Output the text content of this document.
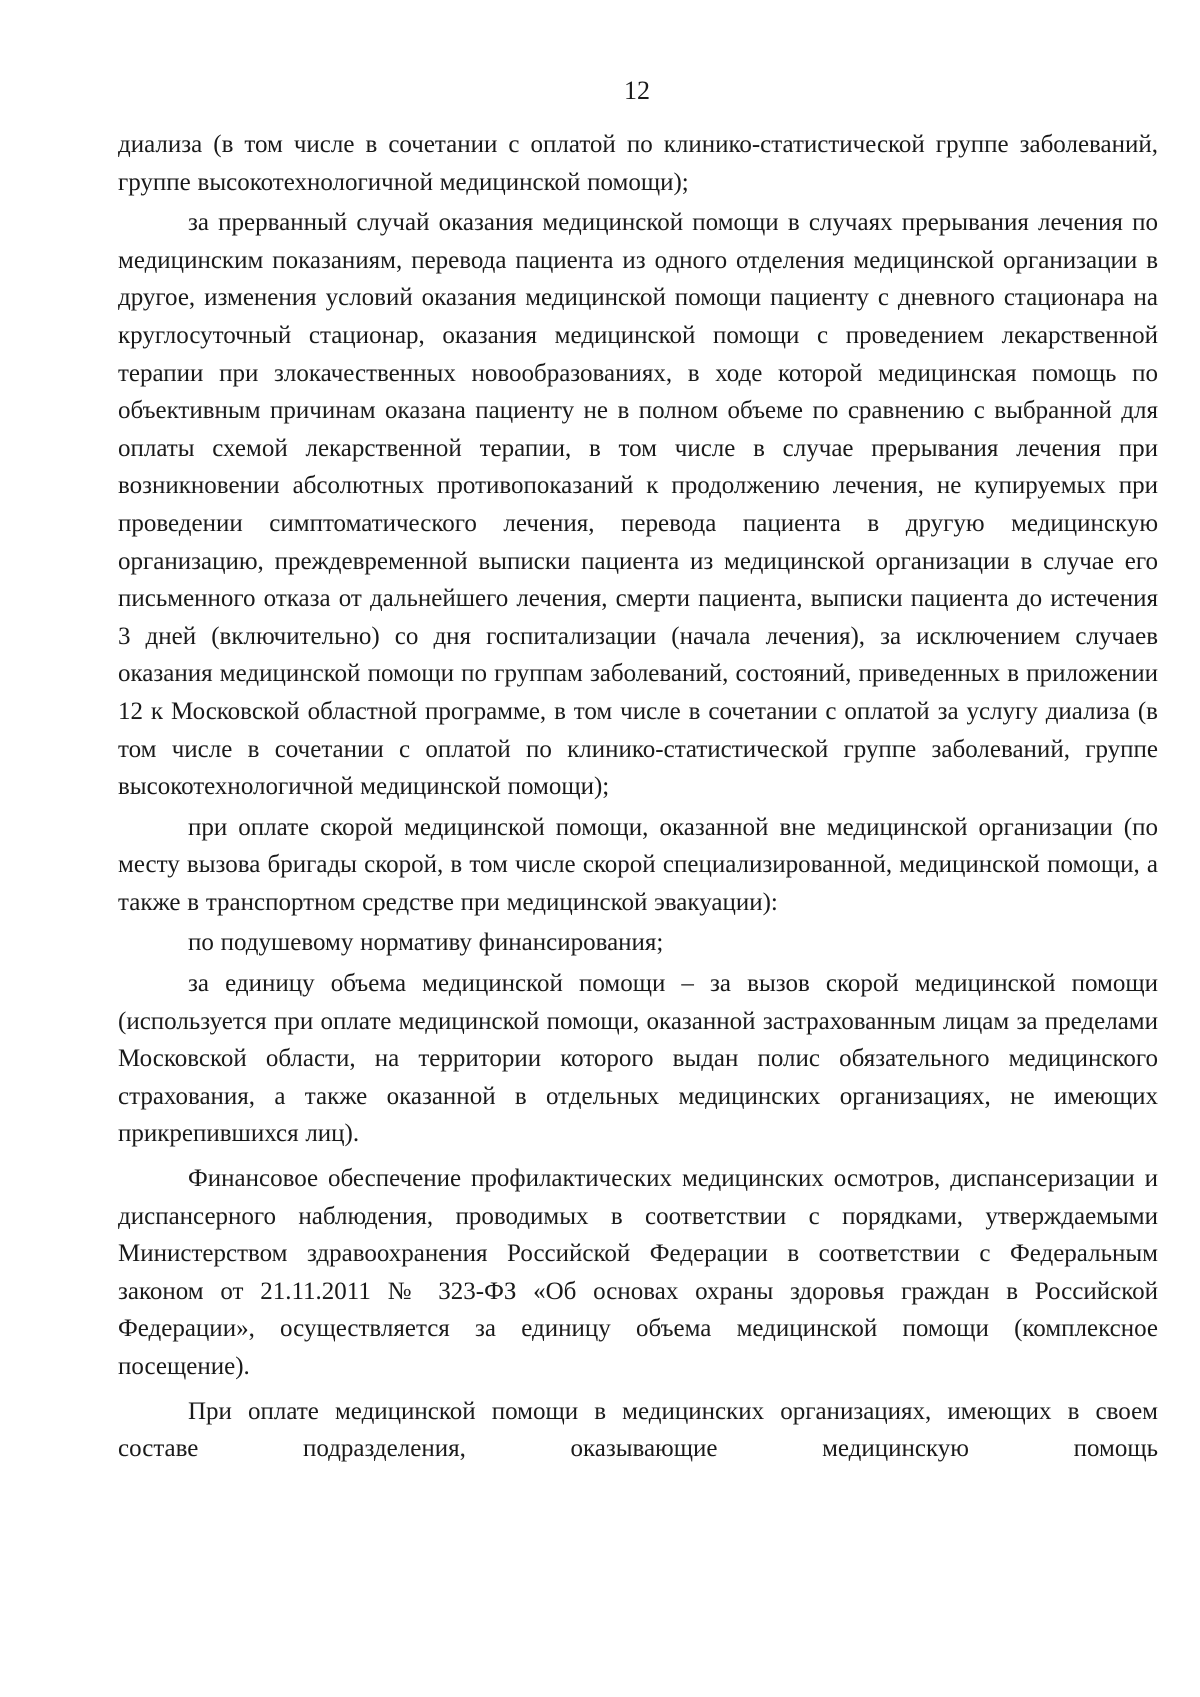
12

диализа (в том числе в сочетании с оплатой по клинико-статистической группе заболеваний, группе высокотехнологичной медицинской помощи);

за прерванный случай оказания медицинской помощи в случаях прерывания лечения по медицинским показаниям, перевода пациента из одного отделения медицинской организации в другое, изменения условий оказания медицинской помощи пациенту с дневного стационара на круглосуточный стационар, оказания медицинской помощи с проведением лекарственной терапии при злокачественных новообразованиях, в ходе которой медицинская помощь по объективным причинам оказана пациенту не в полном объеме по сравнению с выбранной для оплаты схемой лекарственной терапии, в том числе в случае прерывания лечения при возникновении абсолютных противопоказаний к продолжению лечения, не купируемых при проведении симптоматического лечения, перевода пациента в другую медицинскую организацию, преждевременной выписки пациента из медицинской организации в случае его письменного отказа от дальнейшего лечения, смерти пациента, выписки пациента до истечения 3 дней (включительно) со дня госпитализации (начала лечения), за исключением случаев оказания медицинской помощи по группам заболеваний, состояний, приведенных в приложении 12 к Московской областной программе, в том числе в сочетании с оплатой за услугу диализа (в том числе в сочетании с оплатой по клинико-статистической группе заболеваний, группе высокотехнологичной медицинской помощи);

при оплате скорой медицинской помощи, оказанной вне медицинской организации (по месту вызова бригады скорой, в том числе скорой специализированной, медицинской помощи, а также в транспортном средстве при медицинской эвакуации):

по подушевому нормативу финансирования;

за единицу объема медицинской помощи – за вызов скорой медицинской помощи (используется при оплате медицинской помощи, оказанной застрахованным лицам за пределами Московской области, на территории которого выдан полис обязательного медицинского страхования, а также оказанной в отдельных медицинских организациях, не имеющих прикрепившихся лиц).

Финансовое обеспечение профилактических медицинских осмотров, диспансеризации и диспансерного наблюдения, проводимых в соответствии с порядками, утверждаемыми Министерством здравоохранения Российской Федерации в соответствии с Федеральным законом от 21.11.2011 № 323-ФЗ «Об основах охраны здоровья граждан в Российской Федерации», осуществляется за единицу объема медицинской помощи (комплексное посещение).

При оплате медицинской помощи в медицинских организациях, имеющих в своем составе подразделения, оказывающие медицинскую помощь
